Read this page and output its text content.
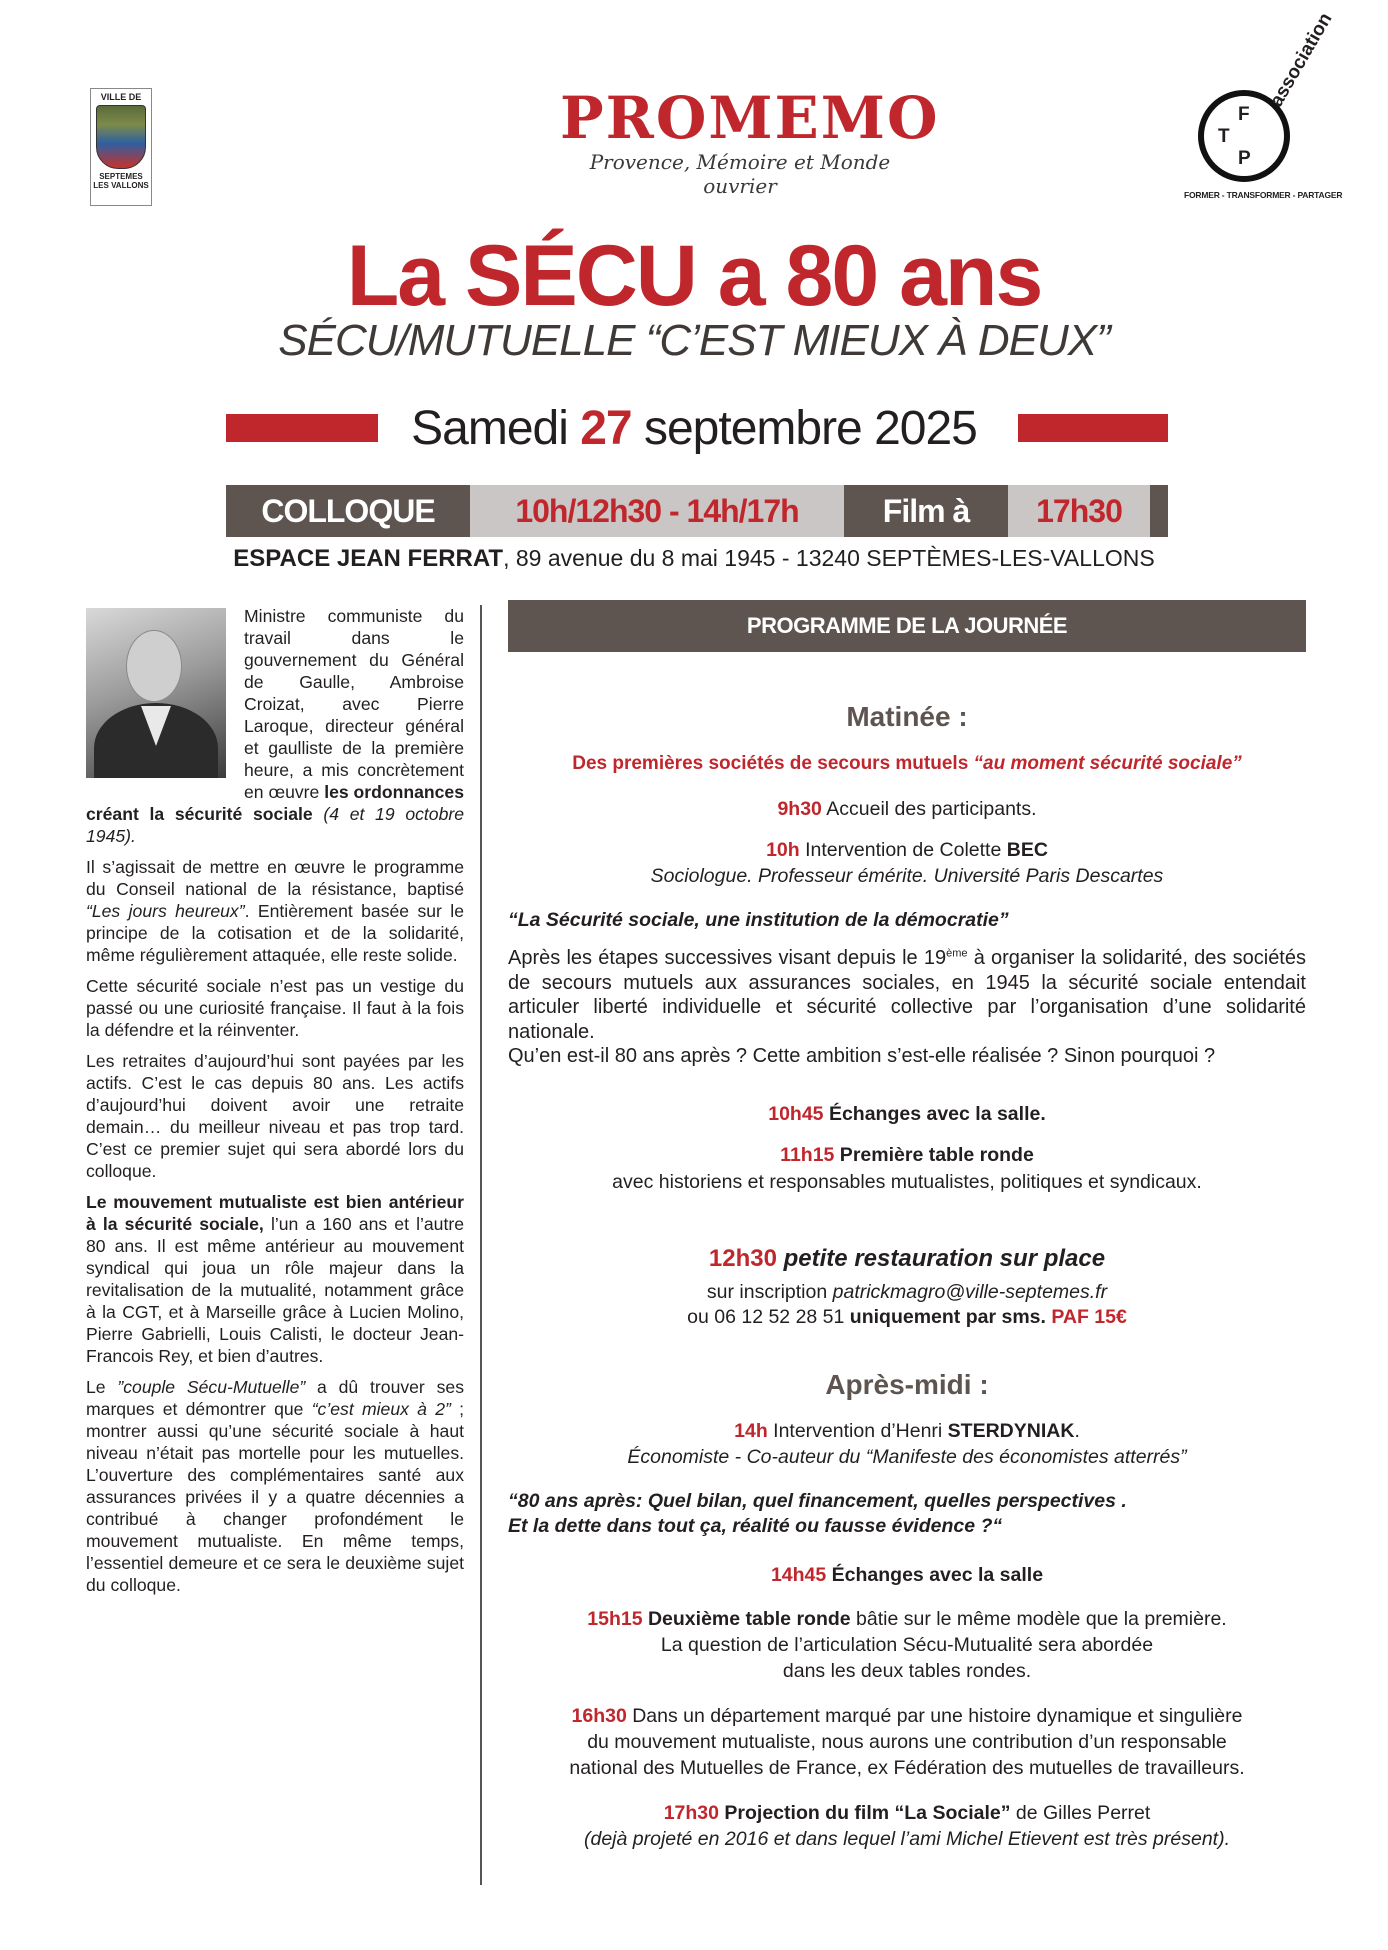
VILLE DE
SEPTEMES LES VALLONS
PROMEMO
Provence, Mémoire et Monde ouvrier
F
T
P
association
FORMER - TRANSFORMER - PARTAGER
La SÉCU a 80 ans
SÉCU/MUTUELLE “C’EST MIEUX À DEUX”
Samedi 27 septembre 2025
COLLOQUE	10h/12h30 - 14h/17h	Film à	17h30
ESPACE JEAN FERRAT, 89 avenue du 8 mai 1945 - 13240 SEPTÈMES-LES-VALLONS

Ministre communiste du travail dans le gouvernement du Général de Gaulle, Ambroise Croizat, avec Pierre Laroque, directeur général et gaulliste de la première heure, a mis concrètement en œuvre les ordonnances créant la sécurité sociale (4 et 19 octobre 1945).

Il s’agissait de mettre en œuvre le programme du Conseil national de la résistance, baptisé “Les jours heureux”. Entièrement basée sur le principe de la cotisation et de la solidarité, même régulièrement attaquée, elle reste solide.

Cette sécurité sociale n’est pas un vestige du passé ou une curiosité française. Il faut à la fois la défendre et la réinventer.

Les retraites d’aujourd’hui sont payées par les actifs. C’est le cas depuis 80 ans. Les actifs d’aujourd’hui doivent avoir une retraite demain… du meilleur niveau et pas trop tard. C’est ce premier sujet qui sera abordé lors du colloque.

Le mouvement mutualiste est bien antérieur à la sécurité sociale, l’un a 160 ans et l’autre 80 ans. Il est même antérieur au mouvement syndical qui joua un rôle majeur dans la revitalisation de la mutualité, notamment grâce à la CGT, et à Marseille grâce à Lucien Molino, Pierre Gabrielli, Louis Calisti, le docteur Jean-Francois Rey, et bien d’autres.

Le ”couple Sécu-Mutuelle” a dû trouver ses marques et démontrer que “c’est mieux à 2” ; montrer aussi qu’une sécurité sociale à haut niveau n’était pas mortelle pour les mutuelles. L’ouverture des complémentaires santé aux assurances privées il y a quatre décennies a contribué à changer profondément le mouvement mutualiste. En même temps, l’essentiel demeure et ce sera le deuxième sujet du colloque.

PROGRAMME DE LA JOURNÉE
Matinée :
Des premières sociétés de secours mutuels “au moment sécurité sociale”
9h30 Accueil des participants.
10h Intervention de Colette BEC
Sociologue. Professeur émérite. Université Paris Descartes
“La Sécurité sociale, une institution de la démocratie”
Après les étapes successives visant depuis le 19ème à organiser la solidarité, des sociétés de secours mutuels aux assurances sociales, en 1945 la sécurité sociale entendait articuler liberté individuelle et sécurité collective par l’organisation d’une solidarité nationale.
Qu’en est-il 80 ans après ? Cette ambition s’est-elle réalisée ? Sinon pourquoi ?
10h45 Échanges avec la salle.
11h15 Première table ronde
avec historiens et responsables mutualistes, politiques et syndicaux.
12h30 petite restauration sur place
sur inscription patrickmagro@ville-septemes.fr
ou 06 12 52 28 51 uniquement par sms. PAF 15€
Après-midi :
14h Intervention d’Henri STERDYNIAK.
Économiste - Co-auteur du “Manifeste des économistes atterrés”
“80 ans après: Quel bilan, quel financement, quelles perspectives .
Et la dette dans tout ça, réalité ou fausse évidence ?“
14h45 Échanges avec la salle
15h15 Deuxième table ronde bâtie sur le même modèle que la première.
La question de l’articulation Sécu-Mutualité sera abordée
dans les deux tables rondes.
16h30 Dans un département marqué par une histoire dynamique et singulière
du mouvement mutualiste, nous aurons une contribution d’un responsable
national des Mutuelles de France, ex Fédération des mutuelles de travailleurs.
17h30 Projection du film “La Sociale” de Gilles Perret
(dejà projeté en 2016 et dans lequel l’ami Michel Etievent est très présent).
